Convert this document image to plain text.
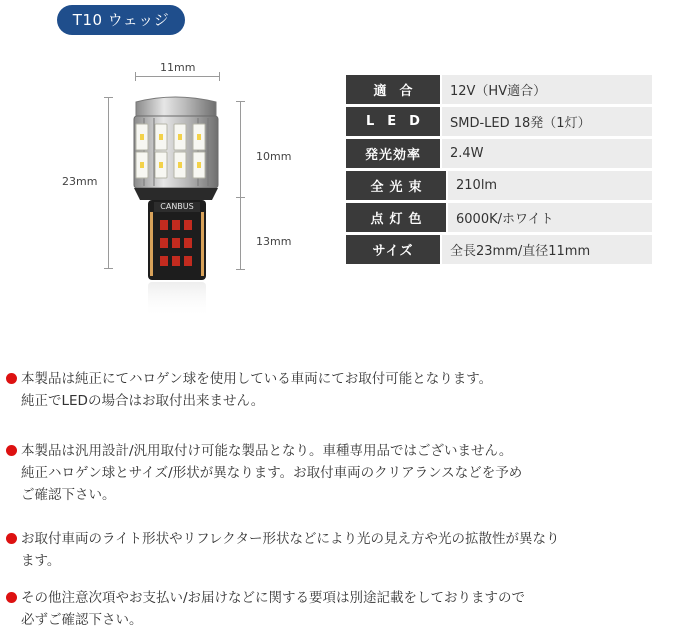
T10 ウェッジ
11mm
23mm
10mm
13mm
CANBUS
適合	12V（HV適合）
LED	SMD-LED 18発（1灯）
発光効率	2.4W
全光束	210lm
点灯色	6000K/ホワイト
サイズ	全長23mm/直径11mm
本製品は純正にてハロゲン球を使用している車両にてお取付可能となります。
純正でLEDの場合はお取付出来ません。
本製品は汎用設計/汎用取付け可能な製品となり。車種専用品ではございません。
純正ハロゲン球とサイズ/形状が異なります。お取付車両のクリアランスなどを予め
ご確認下さい。
お取付車両のライト形状やリフレクター形状などにより光の見え方や光の拡散性が異なり
ます。
その他注意次項やお支払い/お届けなどに関する要項は別途記載をしておりますので
必ずご確認下さい。
